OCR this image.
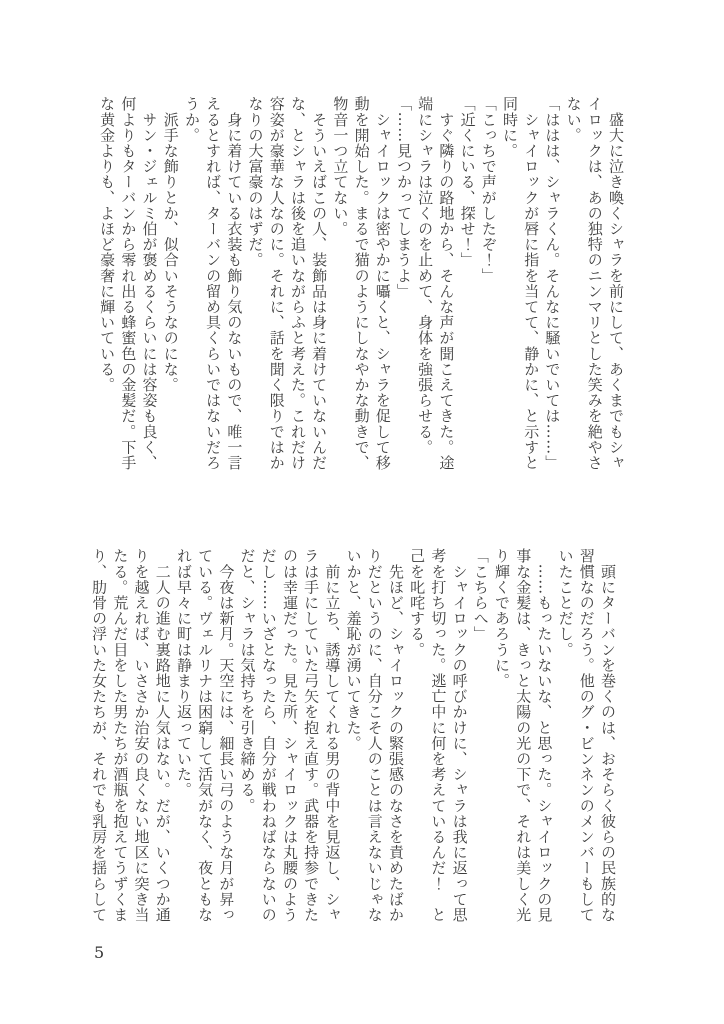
　盛大に泣き喚くシャラを前にして、あくまでもシャ

イロックは、あの独特のニンマリとした笑みを絶やさ

ない。

「ははは、シャラくん。そんなに騒いでいては……」

　シャイロックが唇に指を当てて、静かに、と示すと

同時に。

「こっちで声がしたぞ！」

「近くにいる、探せ！」

　すぐ隣りの路地から、そんな声が聞こえてきた。途

端にシャラは泣くのを止めて、身体を強張らせる。

「……見つかってしまうよ」

　シャイロックは密やかに囁くと、シャラを促して移

動を開始した。まるで猫のようにしなやかな動きで、

物音一つ立てない。

　そういえばこの人、装飾品は身に着けていないんだ

な、とシャラは後を追いながらふと考えた。これだけ

容姿が豪華な人なのに。それに、話を聞く限りではか

なりの大富豪のはずだ。

　身に着けている衣装も飾り気のないもので、唯一言

えるとすれば、ターバンの留め具くらいではないだろ

うか。

　派手な飾りとか、似合いそうなのにな。

　サン・ジェルミ伯が褒めるくらいには容姿も良く、

何よりもターバンから零れ出る蜂蜜色の金髪だ。下手

な黄金よりも、よほど豪奢に輝いている。

　頭にターバンを巻くのは、おそらく彼らの民族的な

習慣なのだろう。他のグ・ビンネンのメンバーもして

いたことだし。

　……もったいないな、と思った。シャイロックの見

事な金髪は、きっと太陽の光の下で、それは美しく光

り輝くであろうに。

「こちらへ」

　シャイロックの呼びかけに、シャラは我に返って思

考を打ち切った。逃亡中に何を考えているんだ！　と

己を叱咤する。

　先ほど、シャイロックの緊張感のなさを責めたばか

りだというのに、自分こそ人のことは言えないじゃな

いかと、羞恥が湧いてきた。

　前に立ち、誘導してくれる男の背中を見返し、シャ

ラは手にしていた弓矢を抱え直す。武器を持参できた

のは幸運だった。見た所、シャイロックは丸腰のよう

だし……いざとなったら、自分が戦わねばならないの

だと、シャラは気持ちを引き締める。

　今夜は新月。天空には、細長い弓のような月が昇っ

ている。ヴェルリナは困窮して活気がなく、夜ともな

れば早々に町は静まり返っていた。

　二人の進む裏路地に人気はない。だが、いくつか通

りを越えれば、いささか治安の良くない地区に突き当

たる。荒んだ目をした男たちが酒瓶を抱えてうずくま

り、肋骨の浮いた女たちが、それでも乳房を揺らして

5
